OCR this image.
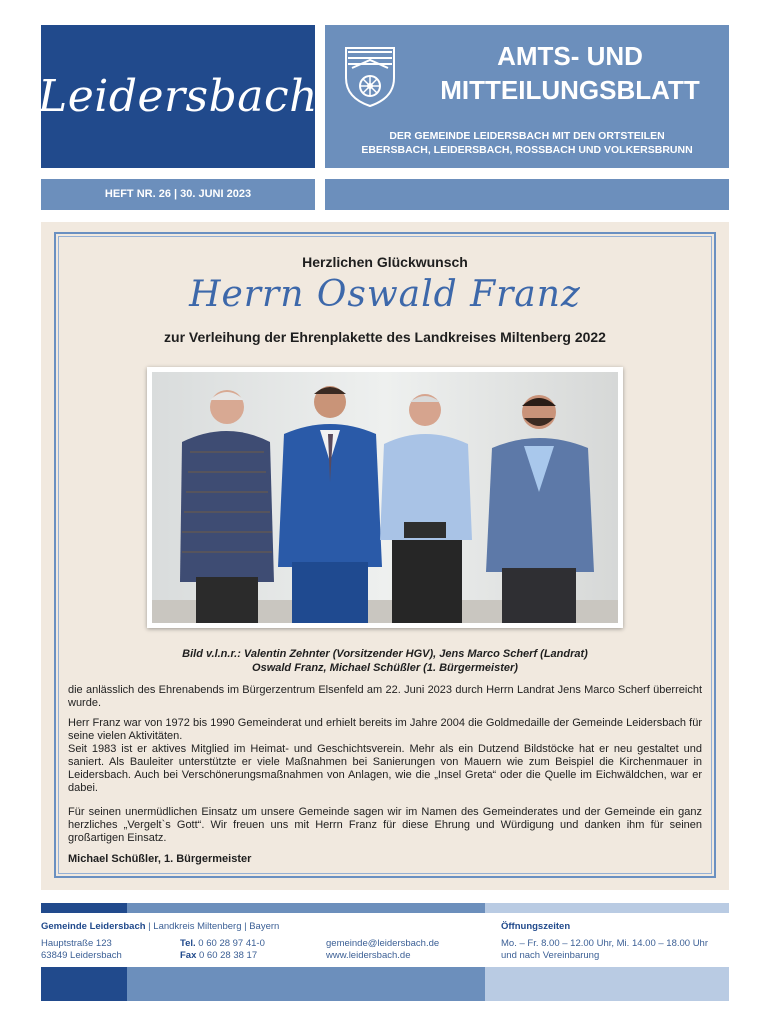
Leidersbach
AMTS- UND
MITTEILUNGSBLATT
DER GEMEINDE LEIDERSBACH MIT DEN ORTSTEILEN
EBERSBACH, LEIDERSBACH, ROSSBACH UND VOLKERSBRUNN
HEFT NR. 26 | 30. JUNI 2023
Herzlichen Glückwunsch
Herrn Oswald Franz
zur Verleihung der Ehrenplakette des Landkreises Miltenberg 2022
Bild v.l.n.r.: Valentin Zehnter (Vorsitzender HGV), Jens Marco Scherf (Landrat)
Oswald Franz, Michael Schüßler (1. Bürgermeister)
die anlässlich des Ehrenabends im Bürgerzentrum Elsenfeld am 22. Juni 2023 durch Herrn Landrat Jens Marco Scherf überreicht wurde.
Herr Franz war von 1972 bis 1990 Gemeinderat und erhielt bereits im Jahre 2004 die Goldmedaille der Gemeinde Leidersbach für seine vielen Aktivitäten.
Seit 1983 ist er aktives Mitglied im Heimat- und Geschichtsverein. Mehr als ein Dutzend Bildstöcke hat er neu gestaltet und saniert. Als Bauleiter unterstützte er viele Maßnahmen bei Sanierungen von Mauern wie zum Beispiel die Kirchenmauer in Leidersbach. Auch bei Verschönerungsmaßnahmen von Anlagen, wie die „Insel Greta“ oder die Quelle im Eichwäldchen, war er dabei.
Für seinen unermüdlichen Einsatz um unsere Gemeinde sagen wir im Namen des Gemeinderates und der Gemeinde ein ganz herzliches „Vergelt`s Gott“. Wir freuen uns mit Herrn Franz für diese Ehrung und Würdigung und danken ihm für seinen großartigen Einsatz.
Michael Schüßler, 1. Bürgermeister
Gemeinde Leidersbach | Landkreis Miltenberg | Bayern
Hauptstraße 123
63849 Leidersbach
Tel. 0 60 28 97 41-0
Fax 0 60 28 38 17
gemeinde@leidersbach.de
www.leidersbach.de
Öffnungszeiten
Mo. – Fr. 8.00 – 12.00 Uhr, Mi. 14.00 – 18.00 Uhr
und nach Vereinbarung
